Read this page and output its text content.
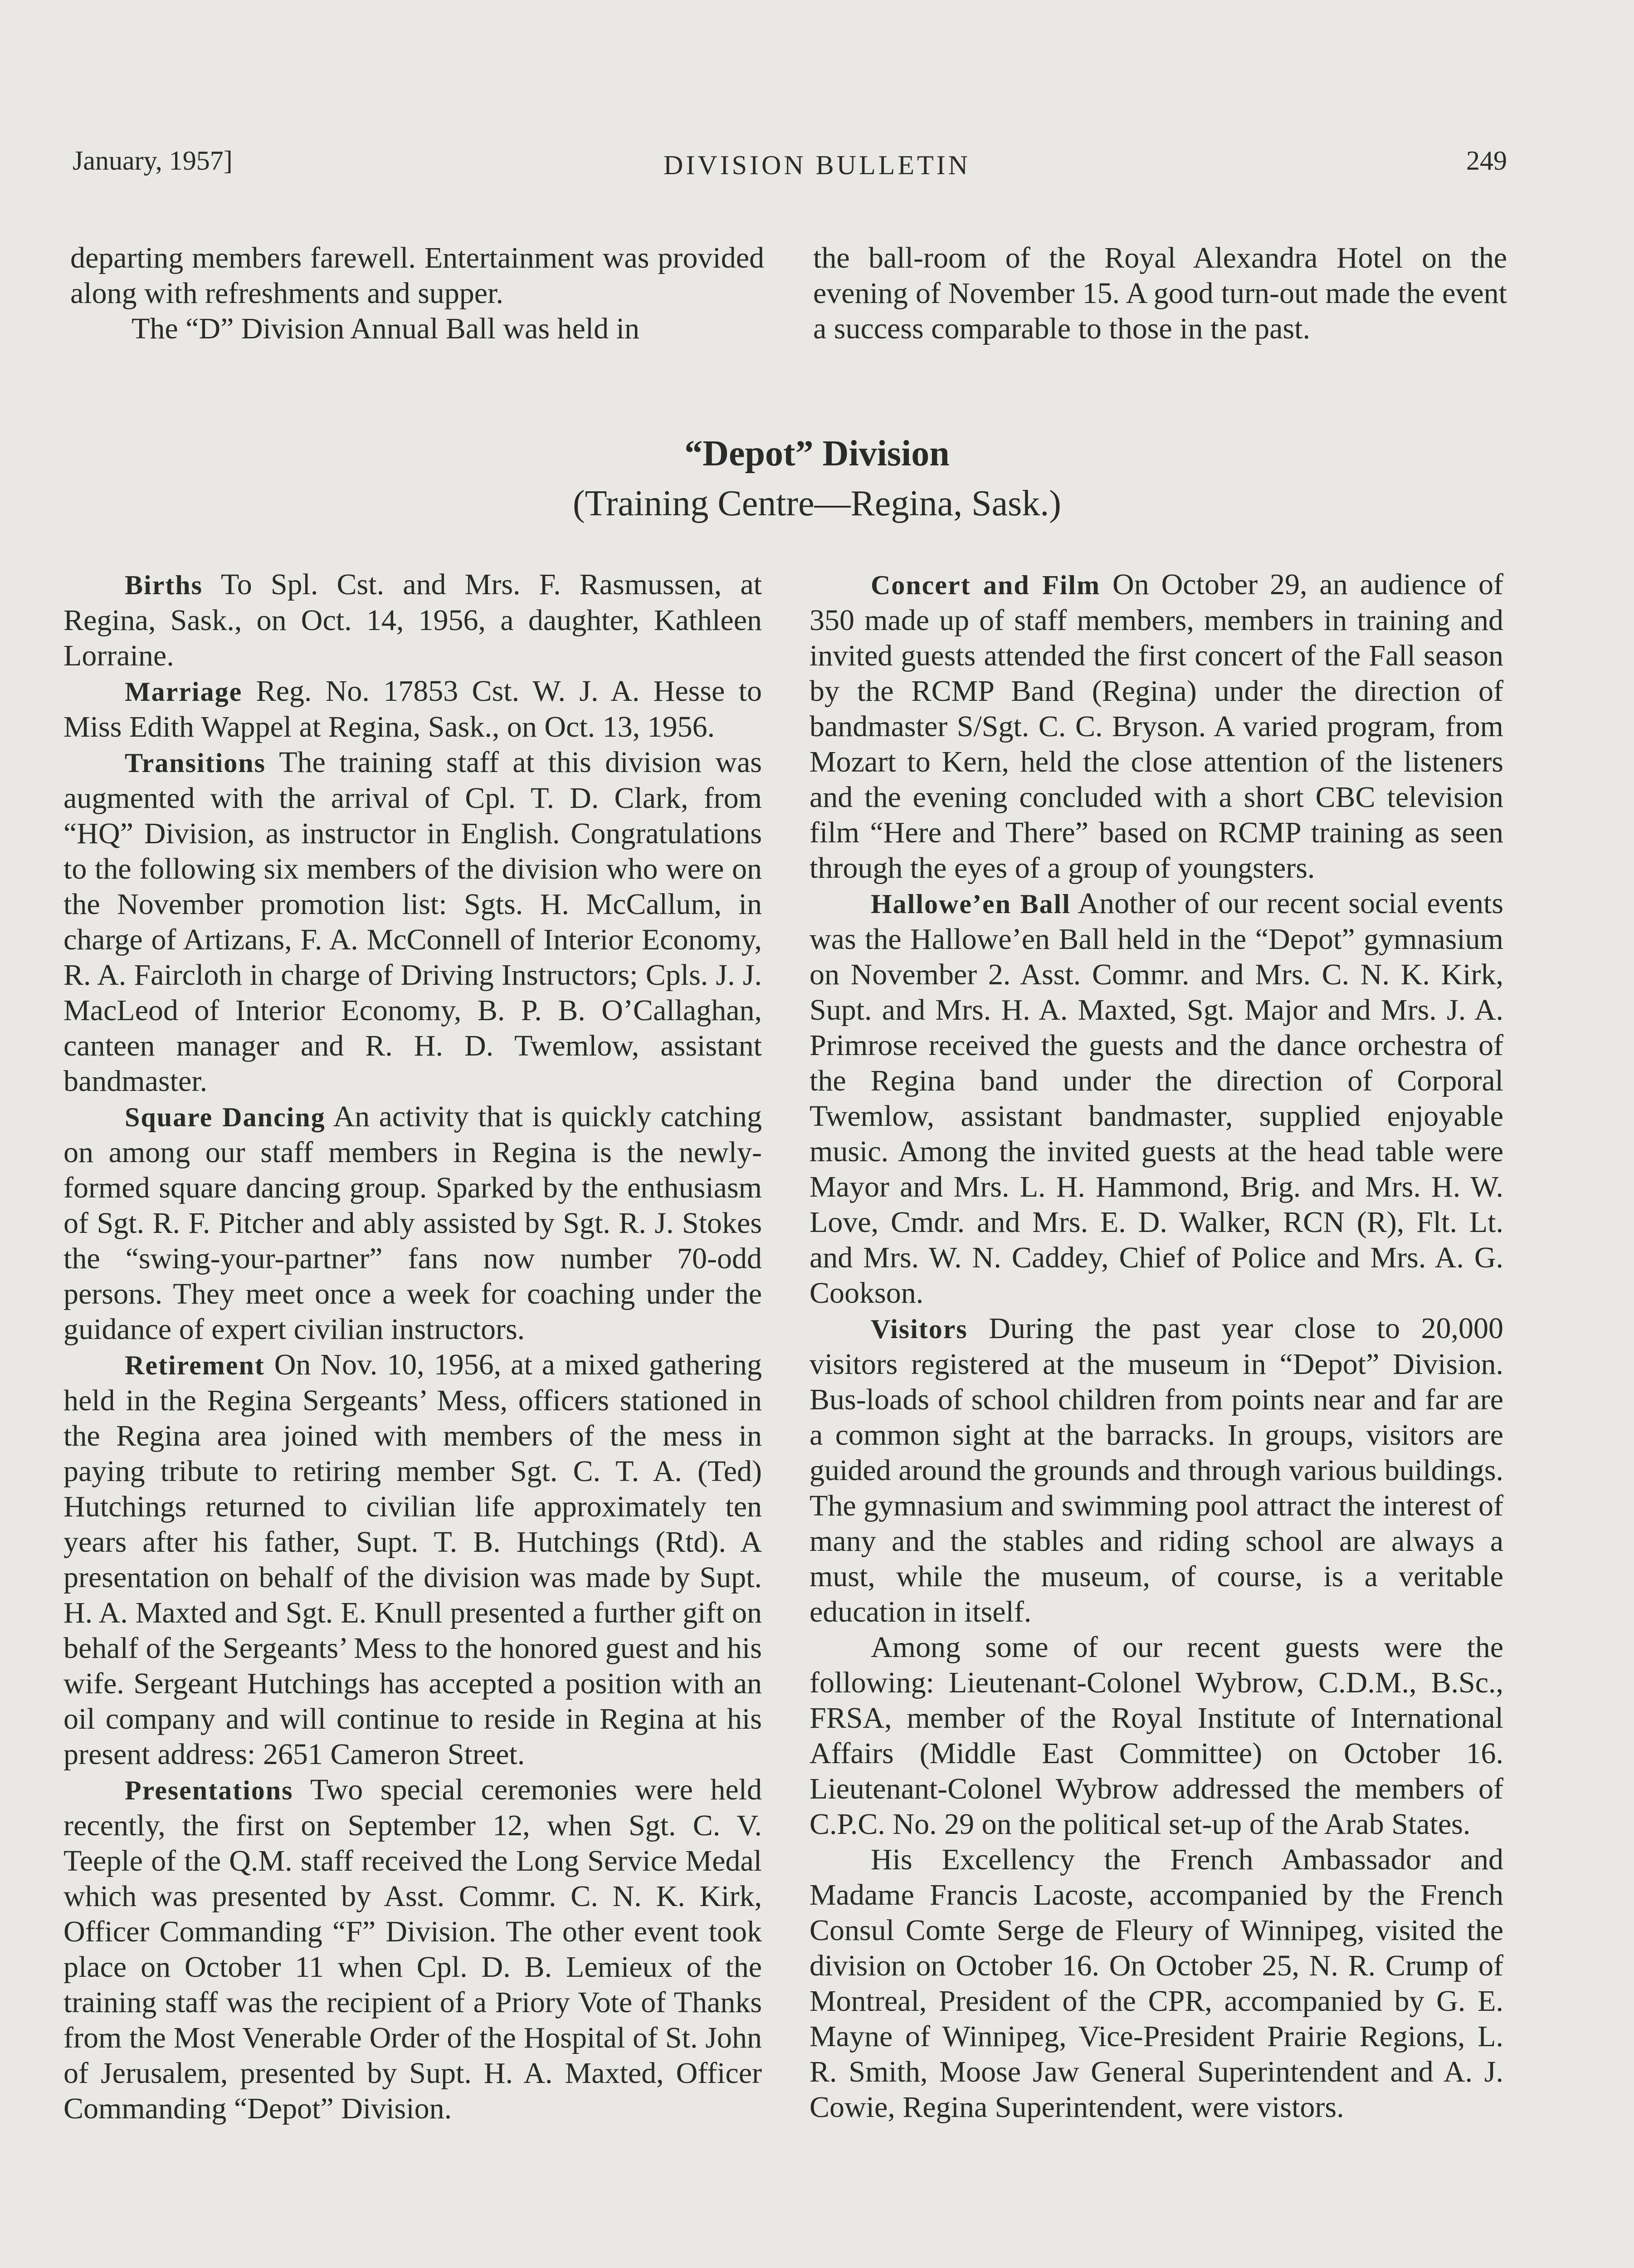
January, 1957]	DIVISION BULLETIN	249

departing members farewell. Entertainment was provided along with refreshments and supper.

The “D” Division Annual Ball was held in

the ball-room of the Royal Alexandra Hotel on the evening of November 15. A good turn-out made the event a success comparable to those in the past.

“Depot” Division
(Training Centre—Regina, Sask.)

Births To Spl. Cst. and Mrs. F. Rasmussen, at Regina, Sask., on Oct. 14, 1956, a daughter, Kathleen Lorraine.

Marriage Reg. No. 17853 Cst. W. J. A. Hesse to Miss Edith Wappel at Regina, Sask., on Oct. 13, 1956.

Transitions The training staff at this division was augmented with the arrival of Cpl. T. D. Clark, from “HQ” Division, as instructor in English. Congratulations to the following six members of the division who were on the November promotion list: Sgts. H. McCallum, in charge of Artizans, F. A. McConnell of Interior Economy, R. A. Faircloth in charge of Driving Instructors; Cpls. J. J. MacLeod of Interior Economy, B. P. B. O’Callaghan, canteen manager and R. H. D. Twemlow, assistant bandmaster.

Square Dancing An activity that is quickly catching on among our staff members in Regina is the newly-formed square dancing group. Sparked by the enthusiasm of Sgt. R. F. Pitcher and ably assisted by Sgt. R. J. Stokes the “swing-your-partner” fans now number 70-odd persons. They meet once a week for coaching under the guidance of expert civilian instructors.

Retirement On Nov. 10, 1956, at a mixed gathering held in the Regina Sergeants’ Mess, officers stationed in the Regina area joined with members of the mess in paying tribute to retiring member Sgt. C. T. A. (Ted) Hutchings returned to civilian life approximately ten years after his father, Supt. T. B. Hutchings (Rtd). A presentation on behalf of the division was made by Supt. H. A. Maxted and Sgt. E. Knull presented a further gift on behalf of the Sergeants’ Mess to the honored guest and his wife. Sergeant Hutchings has accepted a position with an oil company and will continue to reside in Regina at his present address: 2651 Cameron Street.

Presentations Two special ceremonies were held recently, the first on September 12, when Sgt. C. V. Teeple of the Q.M. staff received the Long Service Medal which was presented by Asst. Commr. C. N. K. Kirk, Officer Commanding “F” Division. The other event took place on October 11 when Cpl. D. B. Lemieux of the training staff was the recipient of a Priory Vote of Thanks from the Most Venerable Order of the Hospital of St. John of Jerusalem, presented by Supt. H. A. Maxted, Officer Commanding “Depot” Division.

Concert and Film On October 29, an audience of 350 made up of staff members, members in training and invited guests attended the first concert of the Fall season by the RCMP Band (Regina) under the direction of bandmaster S/Sgt. C. C. Bryson. A varied program, from Mozart to Kern, held the close attention of the listeners and the evening concluded with a short CBC television film “Here and There” based on RCMP training as seen through the eyes of a group of youngsters.

Hallowe’en Ball Another of our recent social events was the Hallowe’en Ball held in the “Depot” gymnasium on November 2. Asst. Commr. and Mrs. C. N. K. Kirk, Supt. and Mrs. H. A. Maxted, Sgt. Major and Mrs. J. A. Primrose received the guests and the dance orchestra of the Regina band under the direction of Corporal Twemlow, assistant bandmaster, supplied enjoyable music. Among the invited guests at the head table were Mayor and Mrs. L. H. Hammond, Brig. and Mrs. H. W. Love, Cmdr. and Mrs. E. D. Walker, RCN (R), Flt. Lt. and Mrs. W. N. Caddey, Chief of Police and Mrs. A. G. Cookson.

Visitors During the past year close to 20,000 visitors registered at the museum in “Depot” Division. Bus-loads of school children from points near and far are a common sight at the barracks. In groups, visitors are guided around the grounds and through various buildings. The gymnasium and swimming pool attract the interest of many and the stables and riding school are always a must, while the museum, of course, is a veritable education in itself.

Among some of our recent guests were the following: Lieutenant-Colonel Wybrow, C.D.M., B.Sc., FRSA, member of the Royal Institute of International Affairs (Middle East Committee) on October 16. Lieutenant-Colonel Wybrow addressed the members of C.P.C. No. 29 on the political set-up of the Arab States.

His Excellency the French Ambassador and Madame Francis Lacoste, accompanied by the French Consul Comte Serge de Fleury of Winnipeg, visited the division on October 16. On October 25, N. R. Crump of Montreal, President of the CPR, accompanied by G. E. Mayne of Winnipeg, Vice-President Prairie Regions, L. R. Smith, Moose Jaw General Superintendent and A. J. Cowie, Regina Superintendent, were vistors.
